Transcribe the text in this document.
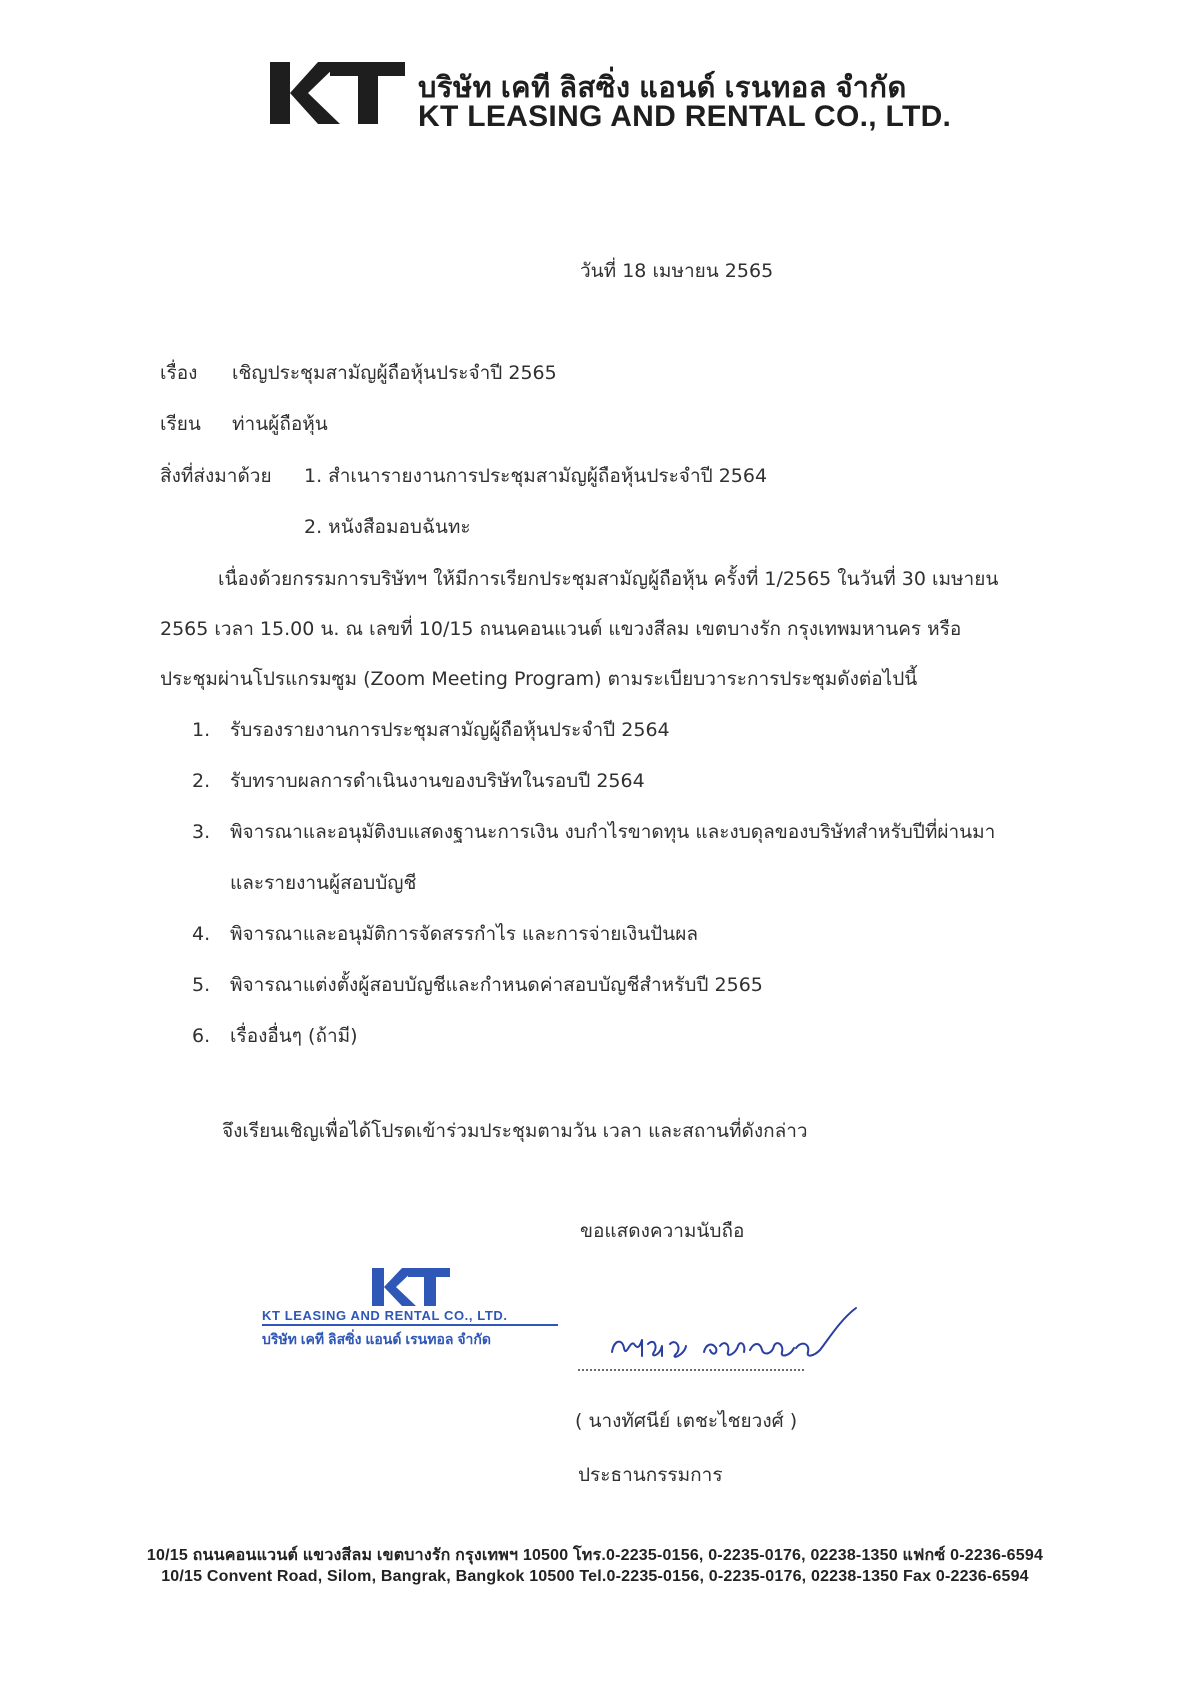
บริษัท เคที ลิสซิ่ง แอนด์ เรนทอล จำกัด
KT LEASING AND RENTAL CO., LTD.
วันที่ 18 เมษายน 2565
เรื่อง เชิญประชุมสามัญผู้ถือหุ้นประจำปี 2565
เรียน ท่านผู้ถือหุ้น
สิ่งที่ส่งมาด้วย 1. สำเนารายงานการประชุมสามัญผู้ถือหุ้นประจำปี 2564
2. หนังสือมอบฉันทะ
เนื่องด้วยกรรมการบริษัทฯ ให้มีการเรียกประชุมสามัญผู้ถือหุ้น ครั้งที่ 1/2565 ในวันที่ 30 เมษายน
2565 เวลา 15.00 น. ณ เลขที่ 10/15 ถนนคอนแวนต์ แขวงสีลม เขตบางรัก กรุงเทพมหานคร หรือ
ประชุมผ่านโปรแกรมซูม (Zoom Meeting Program) ตามระเบียบวาระการประชุมดังต่อไปนี้
1.	รับรองรายงานการประชุมสามัญผู้ถือหุ้นประจำปี 2564
2.	รับทราบผลการดำเนินงานของบริษัทในรอบปี 2564
3.	พิจารณาและอนุมัติงบแสดงฐานะการเงิน งบกำไรขาดทุน และงบดุลของบริษัทสำหรับปีที่ผ่านมา
และรายงานผู้สอบบัญชี
4.	พิจารณาและอนุมัติการจัดสรรกำไร และการจ่ายเงินปันผล
5.	พิจารณาแต่งตั้งผู้สอบบัญชีและกำหนดค่าสอบบัญชีสำหรับปี 2565
6.	เรื่องอื่นๆ (ถ้ามี)
จึงเรียนเชิญเพื่อได้โปรดเข้าร่วมประชุมตามวัน เวลา และสถานที่ดังกล่าว
ขอแสดงความนับถือ
KT LEASING AND RENTAL CO., LTD.
บริษัท เคที ลิสซิ่ง แอนด์ เรนทอล จำกัด
( นางทัศนีย์ เตชะไชยวงศ์ )
ประธานกรรมการ
10/15 ถนนคอนแวนต์ แขวงสีลม เขตบางรัก กรุงเทพฯ 10500 โทร.0-2235-0156, 0-2235-0176, 02238-1350 แฟกซ์ 0-2236-6594
10/15 Convent Road, Silom, Bangrak, Bangkok 10500 Tel.0-2235-0156, 0-2235-0176, 02238-1350 Fax 0-2236-6594
